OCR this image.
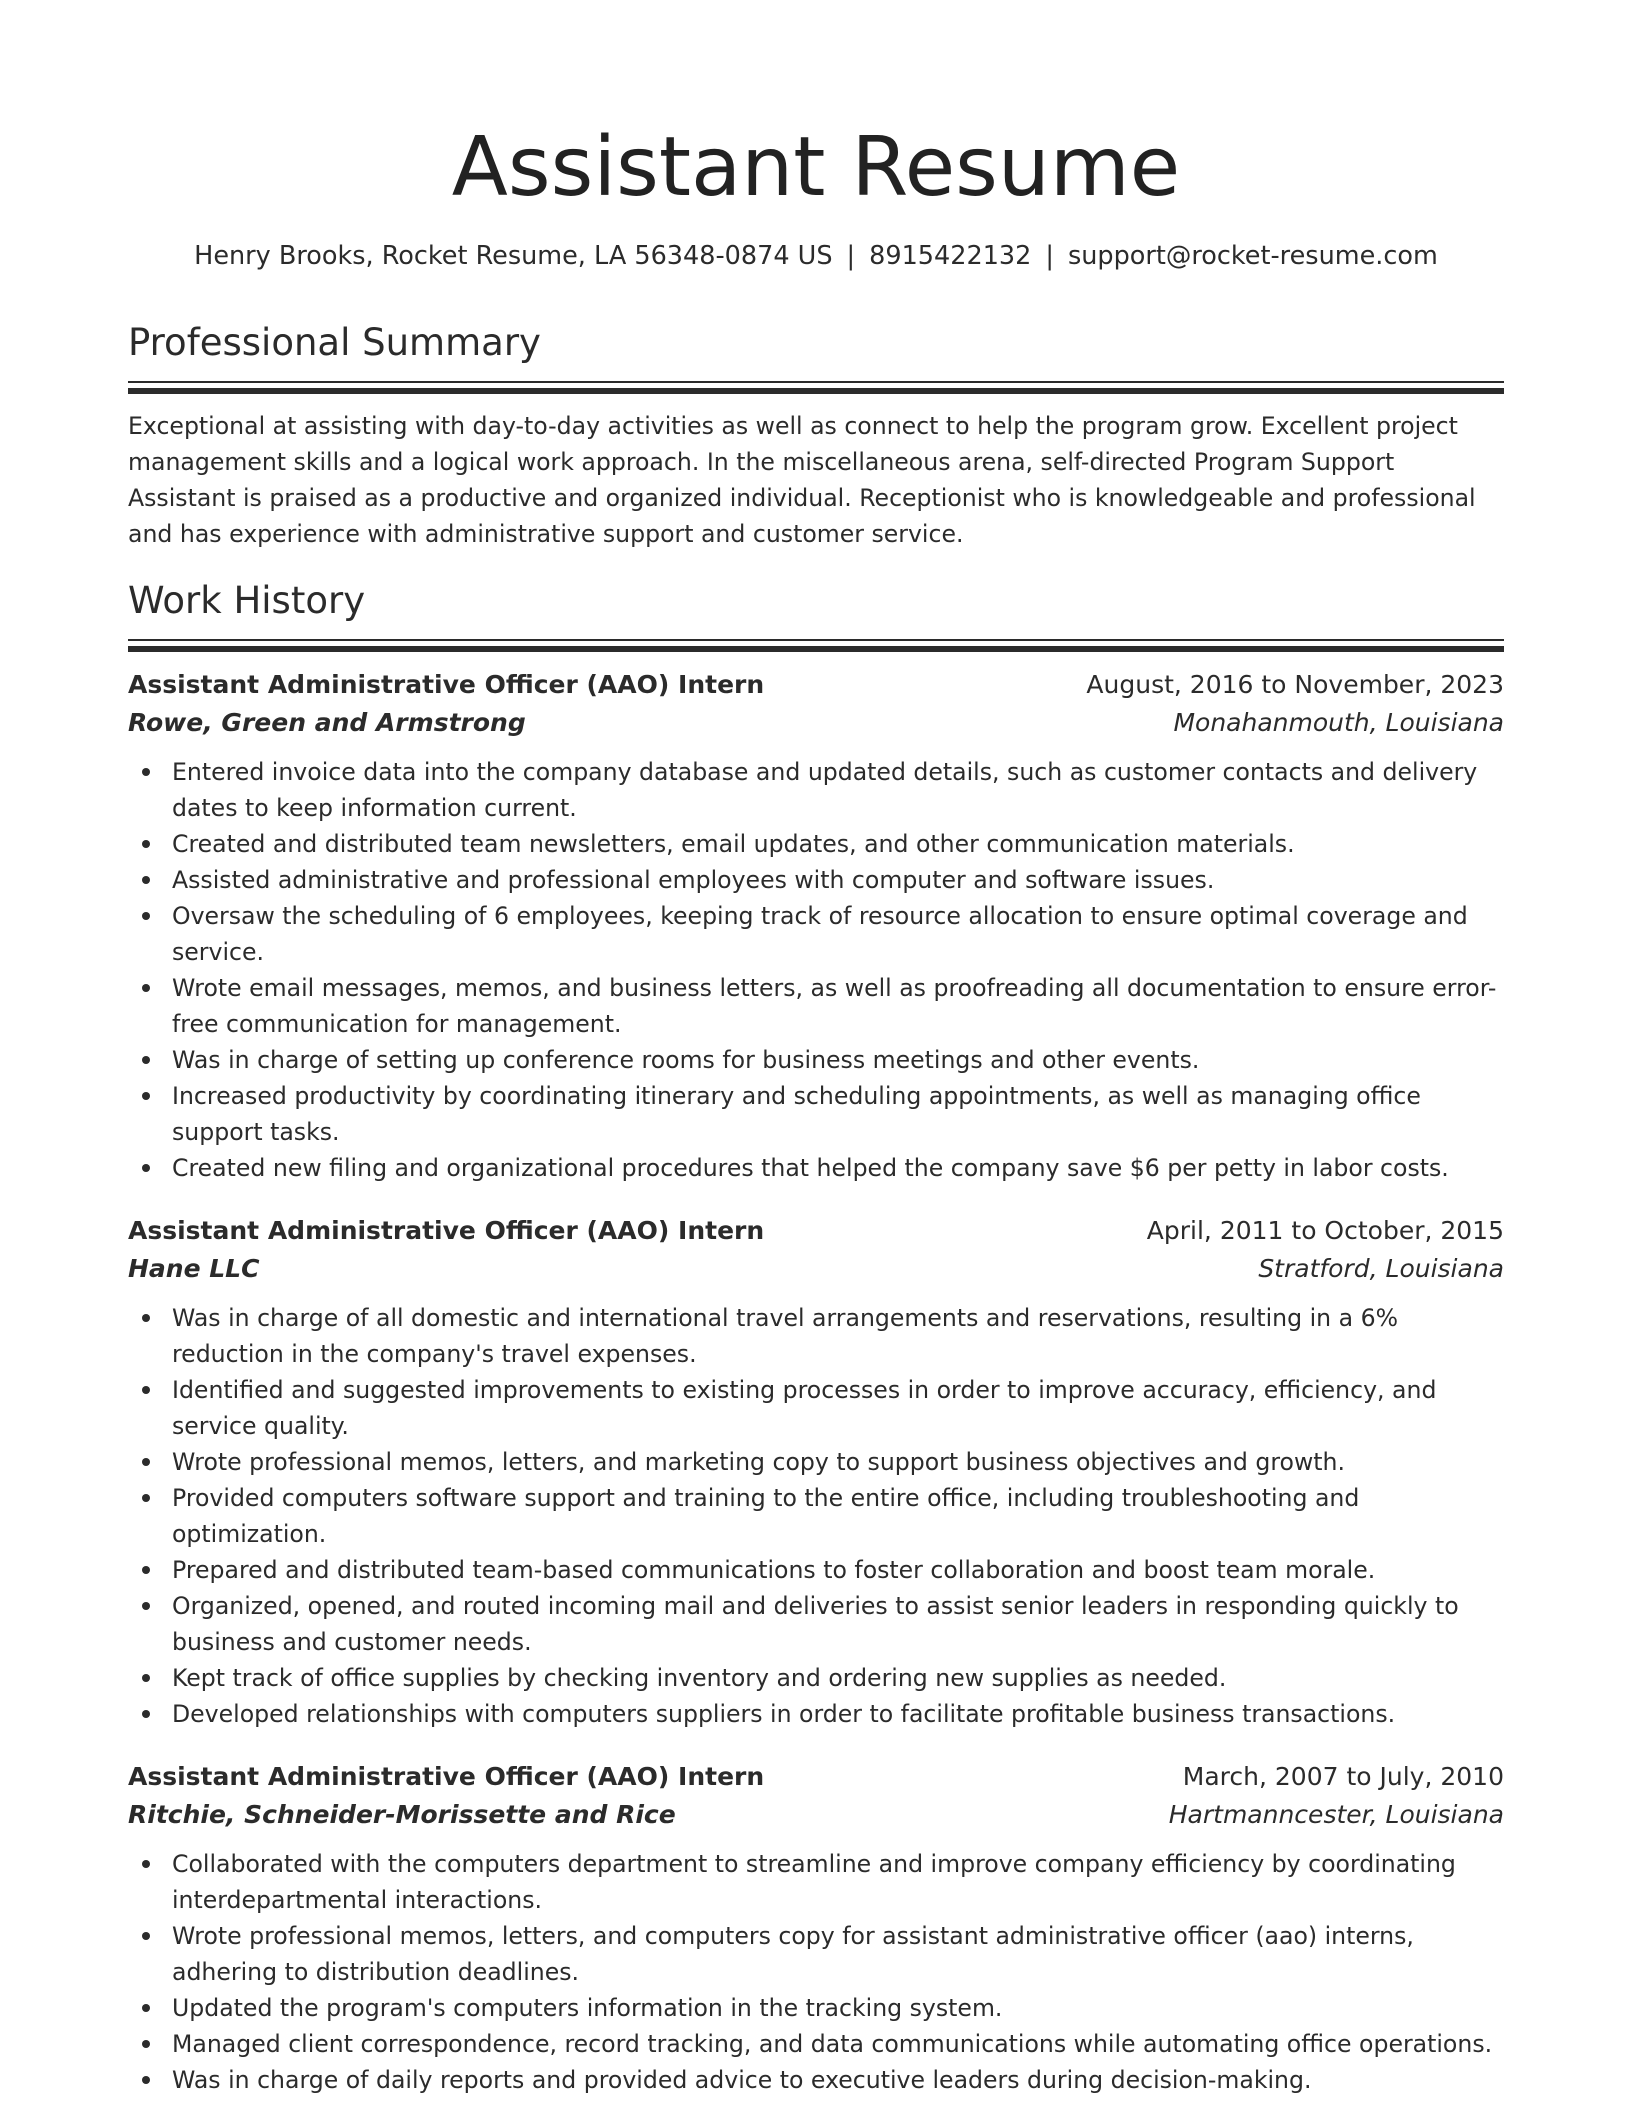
Assistant Resume
Henry Brooks, Rocket Resume, LA 56348-0874 US | 8915422132 | support@rocket-resume.com
Professional Summary

Exceptional at assisting with day-to-day activities as well as connect to help the program grow. Excellent project management skills and a logical work approach. In the miscellaneous arena, self-directed Program Support Assistant is praised as a productive and organized individual. Receptionist who is knowledgeable and professional and has experience with administrative support and customer service.

Work History
Assistant Administrative Officer (AAO) Intern	August, 2016 to November, 2023
Rowe, Green and Armstrong	Monahanmouth, Louisiana
Entered invoice data into the company database and updated details, such as customer contacts and delivery dates to keep information current.
Created and distributed team newsletters, email updates, and other communication materials.
Assisted administrative and professional employees with computer and software issues.
Oversaw the scheduling of 6 employees, keeping track of resource allocation to ensure optimal coverage and service.
Wrote email messages, memos, and business letters, as well as proofreading all documentation to ensure error-free communication for management.
Was in charge of setting up conference rooms for business meetings and other events.
Increased productivity by coordinating itinerary and scheduling appointments, as well as managing office support tasks.
Created new filing and organizational procedures that helped the company save $6 per petty in labor costs.
Assistant Administrative Officer (AAO) Intern	April, 2011 to October, 2015
Hane LLC	Stratford, Louisiana
Was in charge of all domestic and international travel arrangements and reservations, resulting in a 6% reduction in the company's travel expenses.
Identified and suggested improvements to existing processes in order to improve accuracy, efficiency, and service quality.
Wrote professional memos, letters, and marketing copy to support business objectives and growth.
Provided computers software support and training to the entire office, including troubleshooting and optimization.
Prepared and distributed team-based communications to foster collaboration and boost team morale.
Organized, opened, and routed incoming mail and deliveries to assist senior leaders in responding quickly to business and customer needs.
Kept track of office supplies by checking inventory and ordering new supplies as needed.
Developed relationships with computers suppliers in order to facilitate profitable business transactions.
Assistant Administrative Officer (AAO) Intern	March, 2007 to July, 2010
Ritchie, Schneider-Morissette and Rice	Hartmanncester, Louisiana
Collaborated with the computers department to streamline and improve company efficiency by coordinating interdepartmental interactions.
Wrote professional memos, letters, and computers copy for assistant administrative officer (aao) interns, adhering to distribution deadlines.
Updated the program's computers information in the tracking system.
Managed client correspondence, record tracking, and data communications while automating office operations.
Was in charge of daily reports and provided advice to executive leaders during decision-making.
